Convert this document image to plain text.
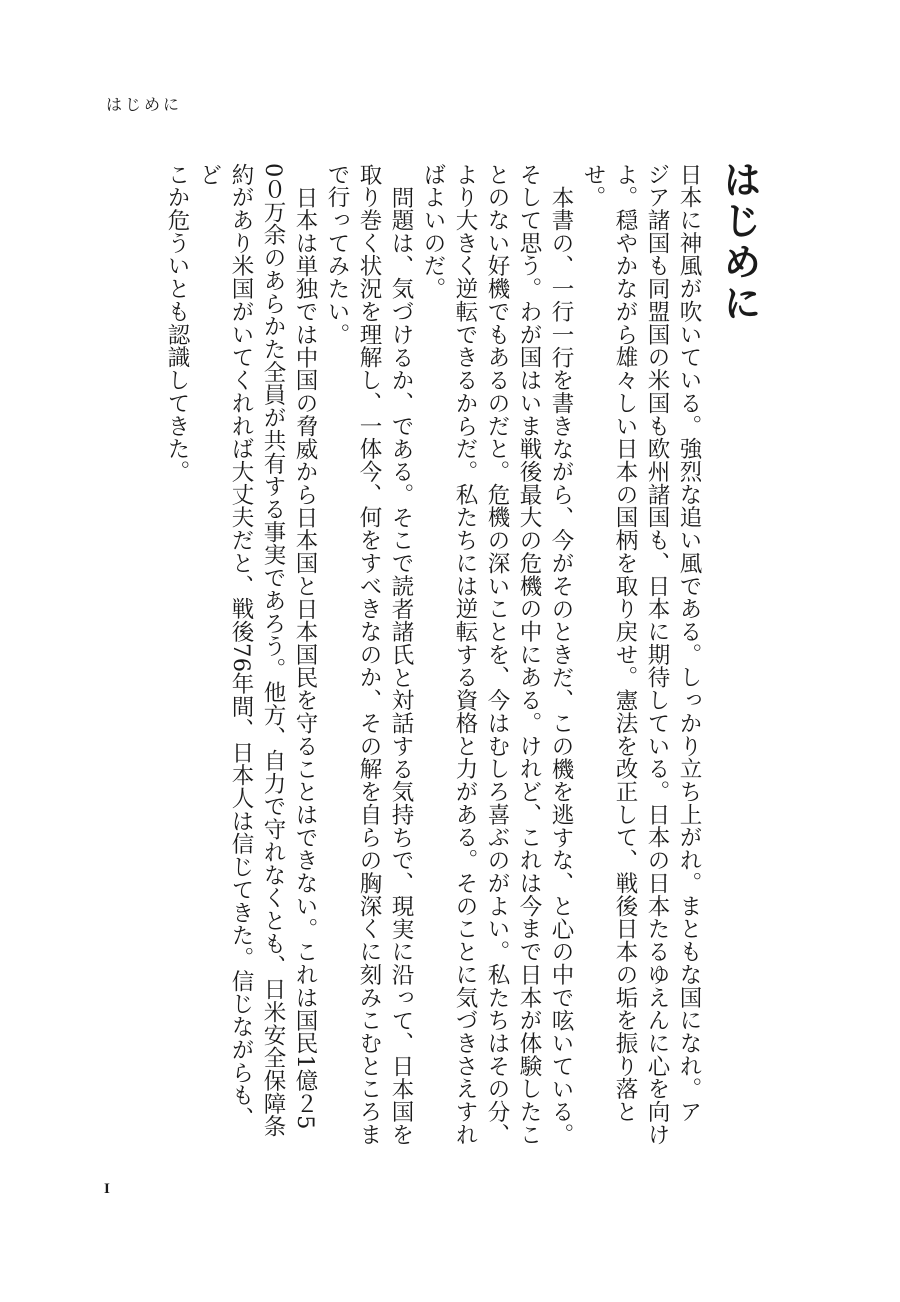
はじめに
はじめに

日本に神風が吹いている。強烈な追い風である。しっかり立ち上がれ。まともな国になれ。ア
ジア諸国も同盟国の米国も欧州諸国も、日本に期待している。日本の日本たるゆえんに心を向け
よ。穏やかながら雄々しい日本の国柄を取り戻せ。憲法を改正して、戦後日本の垢を振り落とせ。

本書の、一行一行を書きながら、今がそのときだ、この機を逃すな、と心の中で呟いている。
そして思う。わが国はいま戦後最大の危機の中にある。けれど、これは今まで日本が体験したこ
とのない好機でもあるのだと。危機の深いことを、今はむしろ喜ぶのがよい。私たちはその分、
より大きく逆転できるからだ。私たちには逆転する資格と力がある。そのことに気づきさえすれ
ばよいのだ。

問題は、気づけるか、である。そこで読者諸氏と対話する気持ちで、現実に沿って、日本国を
取り巻く状況を理解し、一体今、何をすべきなのか、その解を自らの胸深くに刻みこむところま
で行ってみたい。

日本は単独では中国の脅威から日本国と日本国民を守ることはできない。これは国民1億２5
0０万余のあらかた全員が共有する事実であろう。他方、自力で守れなくとも、日米安全保障条
約があり米国がいてくれれば大丈夫だと、戦後76年間、日本人は信じてきた。信じながらも、ど
こか危ういとも認識してきた。

I
